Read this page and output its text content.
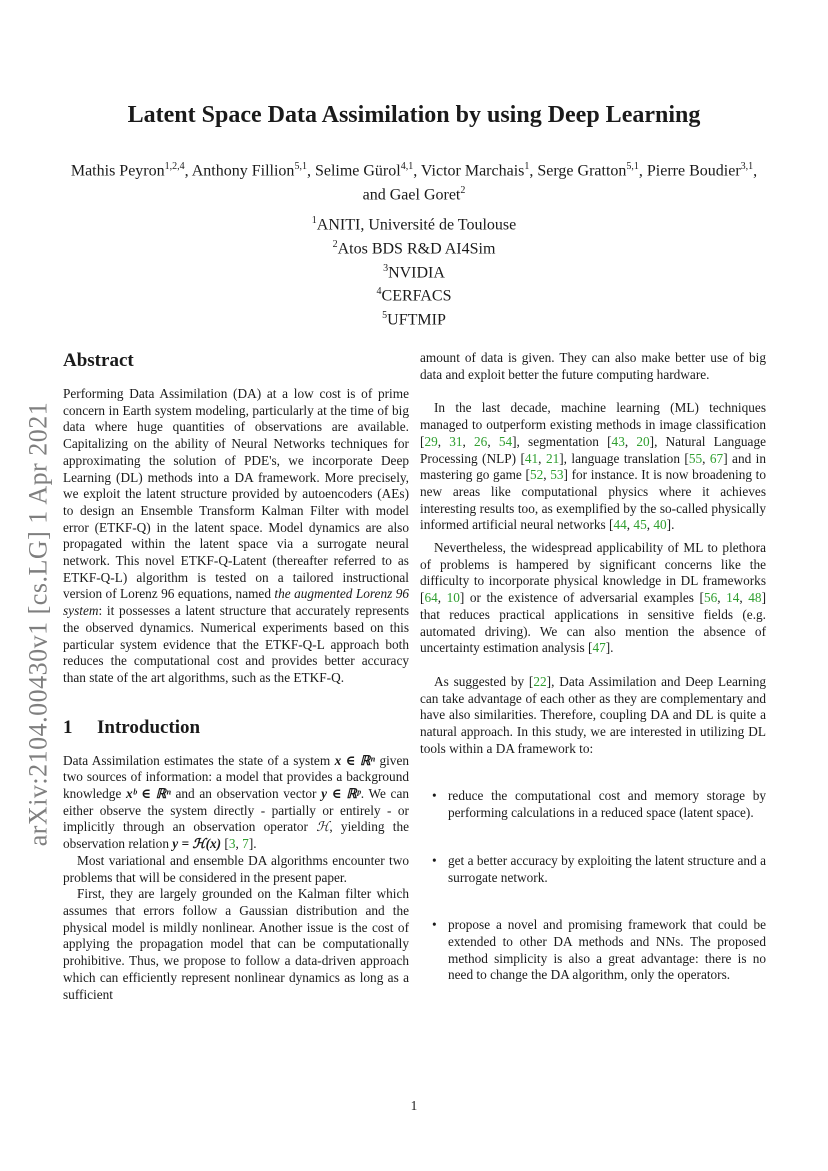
arXiv:2104.00430v1 [cs.LG] 1 Apr 2021
Latent Space Data Assimilation by using Deep Learning
Mathis Peyron$^{1,2,4}$, Anthony Fillion$^{5,1}$, Selime Gürol$^{4,1}$, Victor Marchais$^1$, Serge Gratton$^{5,1}$, Pierre Boudier$^{3,1}$, and Gael Goret$^2$
$^1$ANITI, Université de Toulouse
$^2$Atos BDS R&D AI4Sim
$^3$NVIDIA
$^4$CERFACS
$^5$UFTMIP
Abstract

Performing Data Assimilation (DA) at a low cost is of prime concern in Earth system modeling, particularly at the time of big data where huge quantities of observations are available. Capitalizing on the ability of Neural Networks techniques for approximating the solution of PDE's, we incorporate Deep Learning (DL) methods into a DA framework. More precisely, we exploit the latent structure provided by autoencoders (AEs) to design an Ensemble Transform Kalman Filter with model error (ETKF-Q) in the latent space. Model dynamics are also propagated within the latent space via a surrogate neural network. This novel ETKF-Q-Latent (thereafter referred to as ETKF-Q-L) algorithm is tested on a tailored instructional version of Lorenz 96 equations, named the augmented Lorenz 96 system: it possesses a latent structure that accurately represents the observed dynamics. Numerical experiments based on this particular system evidence that the ETKF-Q-L approach both reduces the computational cost and provides better accuracy than state of the art algorithms, such as the ETKF-Q.

1 Introduction

Data Assimilation estimates the state of a system x ∈ ℝⁿ given two sources of information: a model that provides a background knowledge xᵇ ∈ ℝⁿ and an observation vector y ∈ ℝᵖ. We can either observe the system directly - partially or entirely - or implicitly through an observation operator ℋ, yielding the observation relation y = ℋ(x) [3, 7].

Most variational and ensemble DA algorithms encounter two problems that will be considered in the present paper.

First, they are largely grounded on the Kalman filter which assumes that errors follow a Gaussian distribution and the physical model is mildly nonlinear. Another issue is the cost of applying the propagation model that can be computationally prohibitive. Thus, we propose to follow a data-driven approach which can efficiently represent nonlinear dynamics as long as a sufficient

amount of data is given. They can also make better use of big data and exploit better the future computing hardware.

In the last decade, machine learning (ML) techniques managed to outperform existing methods in image classification [29, 31, 26, 54], segmentation [43, 20], Natural Language Processing (NLP) [41, 21], language translation [55, 67] and in mastering go game [52, 53] for instance. It is now broadening to new areas like computational physics where it achieves interesting results too, as exemplified by the so-called physically informed artificial neural networks [44, 45, 40].

Nevertheless, the widespread applicability of ML to plethora of problems is hampered by significant concerns like the difficulty to incorporate physical knowledge in DL frameworks [64, 10] or the existence of adversarial examples [56, 14, 48] that reduces practical applications in sensitive fields (e.g. automated driving). We can also mention the absence of uncertainty estimation analysis [47].

As suggested by [22], Data Assimilation and Deep Learning can take advantage of each other as they are complementary and have also similarities. Therefore, coupling DA and DL is quite a natural approach. In this study, we are interested in utilizing DL tools within a DA framework to:

• reduce the computational cost and memory storage by performing calculations in a reduced space (latent space).
• get a better accuracy by exploiting the latent structure and a surrogate network.
• propose a novel and promising framework that could be extended to other DA methods and NNs. The proposed method simplicity is also a great advantage: there is no need to change the DA algorithm, only the operators.
1
